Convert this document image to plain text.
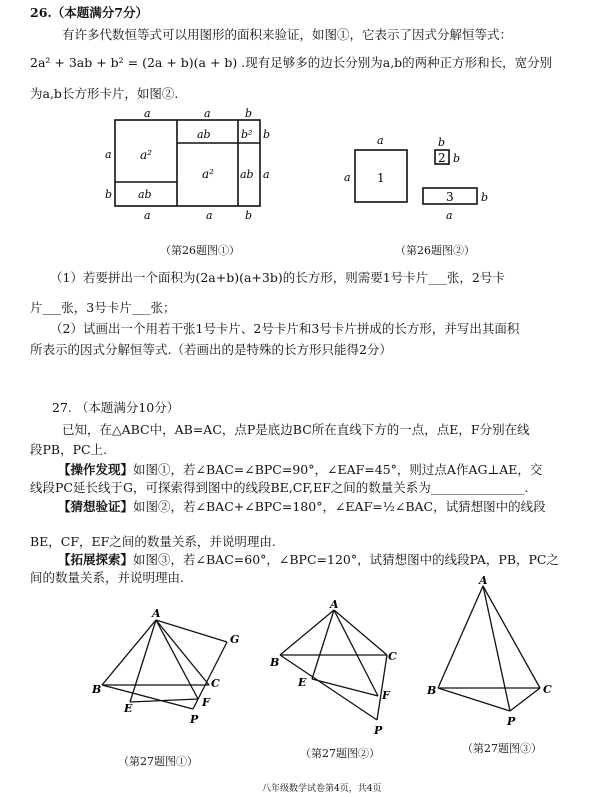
26.（本题满分7分）
有许多代数恒等式可以用图形的面积来验证，如图①，它表示了因式分解恒等式：
2a² + 3ab + b² = (2a + b)(a + b) .现有足够多的边长分别为a,b的两种正方形和长，宽分别
为a,b长方形卡片，如图②.
a	a	b
ab	b² b
a²
a² ab a
a
b ab
a	a	b
（第26题图①）
a
a 1
b
2 b
3 b
a
（第26题图②）
（1）若要拼出一个面积为(2a+b)(a+3b)的长方形，则需要1号卡片___张，2号卡
片___张，3号卡片___张；
（2）试画出一个用若干张1号卡片、2号卡片和3号卡片拼成的长方形，并写出其面积
所表示的因式分解恒等式.（若画出的是特殊的长方形只能得2分）
27. （本题满分10分）
已知，在△ABC中，AB=AC，点P是底边BC所在直线下方的一点，点E，F分别在线
段PB，PC上.
【操作发现】如图①，若∠BAC=∠BPC=90°，∠EAF=45°，则过点A作AG⊥AE，交
线段PC延长线于G，可探索得到图中的线段BE,CF,EF之间的数量关系为_______________.
【猜想验证】如图②，若∠BAC+∠BPC=180°，∠EAF=½∠BAC，试猜想图中的线段
BE，CF，EF之间的数量关系，并说明理由.
【拓展探索】如图③，若∠BAC=60°，∠BPC=120°，试猜想图中的线段PA，PB，PC之
间的数量关系，并说明理由.
A
G
B	C
E	F
P
（第27题图①）
A
B	C
E
F
P
（第27题图②）
A
B	C
P
（第27题图③）
八年级数学试卷第4页，共4页
